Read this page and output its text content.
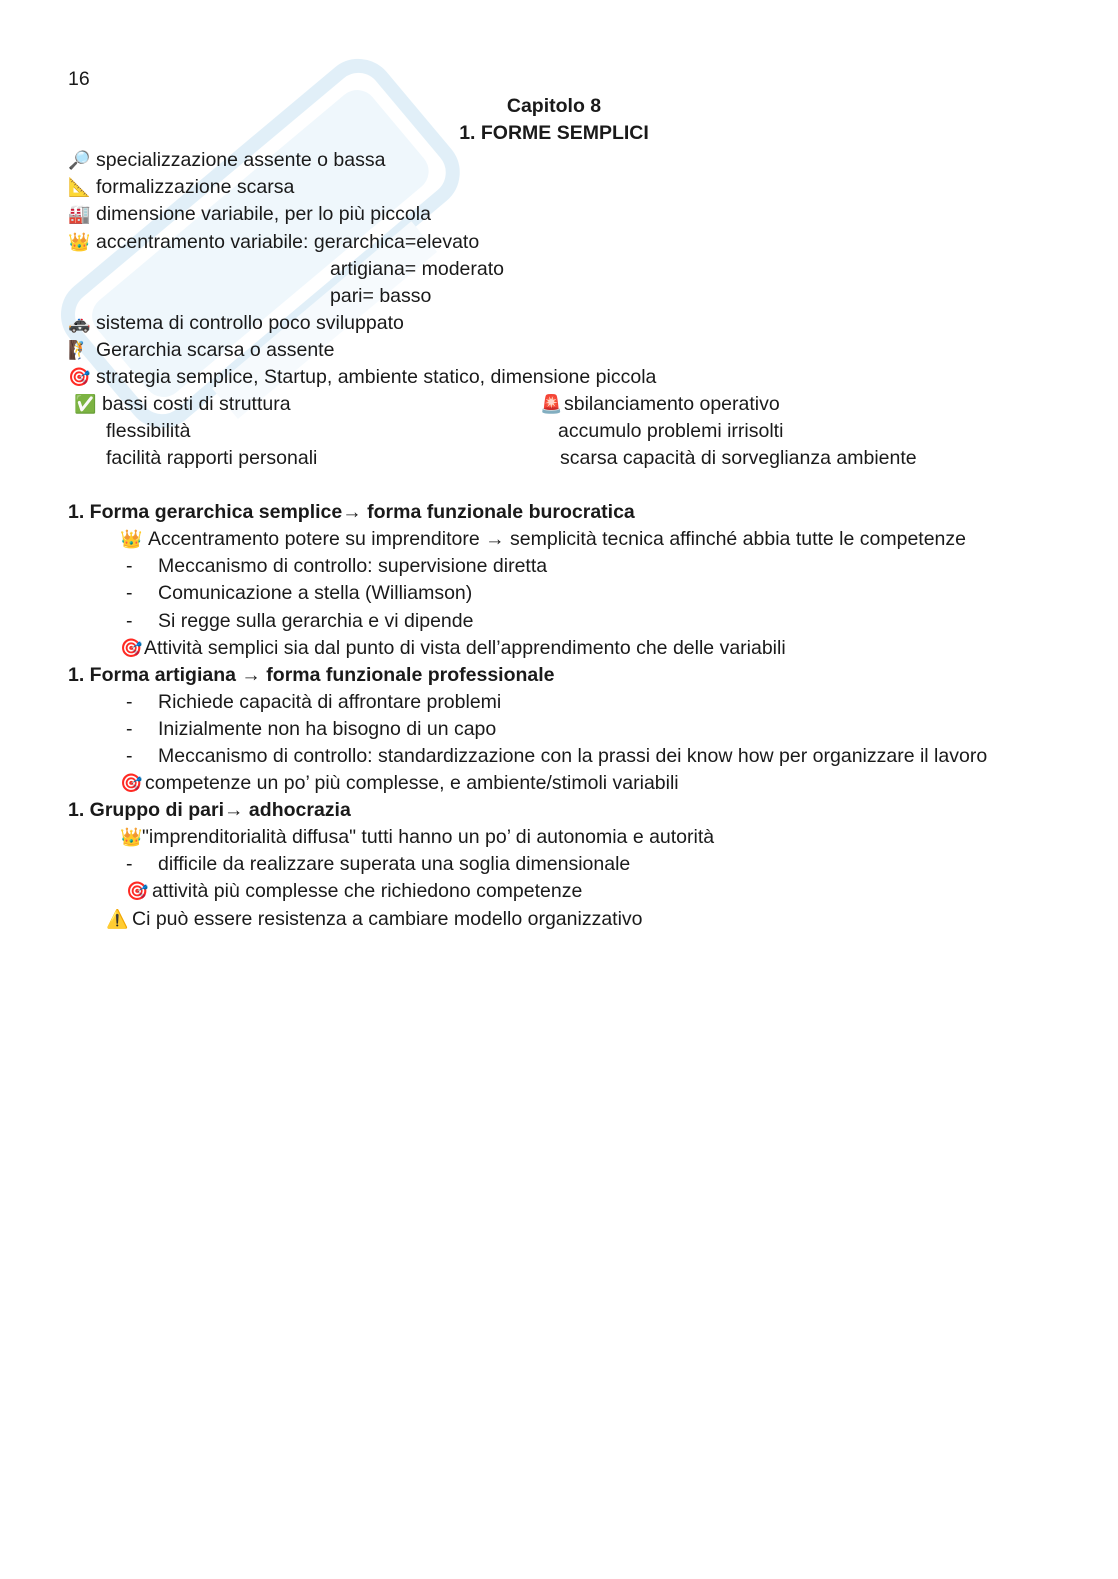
16
Capitolo 8
1. FORME SEMPLICI
🔎 specializzazione assente o bassa
📐 formalizzazione scarsa
🏭 dimensione variabile, per lo più piccola
👑 accentramento variabile: gerarchica=elevato
artigiana= moderato
pari= basso
🚓 sistema di controllo poco sviluppato
🧗 Gerarchia scarsa o assente
🎯 strategia semplice, Startup, ambiente statico, dimensione piccola
✅ bassi costi di struttura
flessibilità
facilità rapporti personali
🚨sbilanciamento operativo
accumulo problemi irrisolti
scarsa capacità di sorveglianza ambiente
1. Forma gerarchica semplice→ forma funzionale burocratica
👑 Accentramento potere su imprenditore → semplicità tecnica affinché abbia tutte le competenze
- Meccanismo di controllo: supervisione diretta
- Comunicazione a stella (Williamson)
- Si regge sulla gerarchia e vi dipende
🎯Attività semplici sia dal punto di vista dell’apprendimento che delle variabili
1. Forma artigiana → forma funzionale professionale
- Richiede capacità di affrontare problemi
- Inizialmente non ha bisogno di un capo
- Meccanismo di controllo: standardizzazione con la prassi dei know how per organizzare il lavoro
🎯 competenze un po’ più complesse, e ambiente/stimoli variabili
1. Gruppo di pari→ adhocrazia
👑"imprenditorialità diffusa" tutti hanno un po’ di autonomia e autorità
- difficile da realizzare superata una soglia dimensionale
🎯 attività più complesse che richiedono competenze
⚠️ Ci può essere resistenza a cambiare modello organizzativo
